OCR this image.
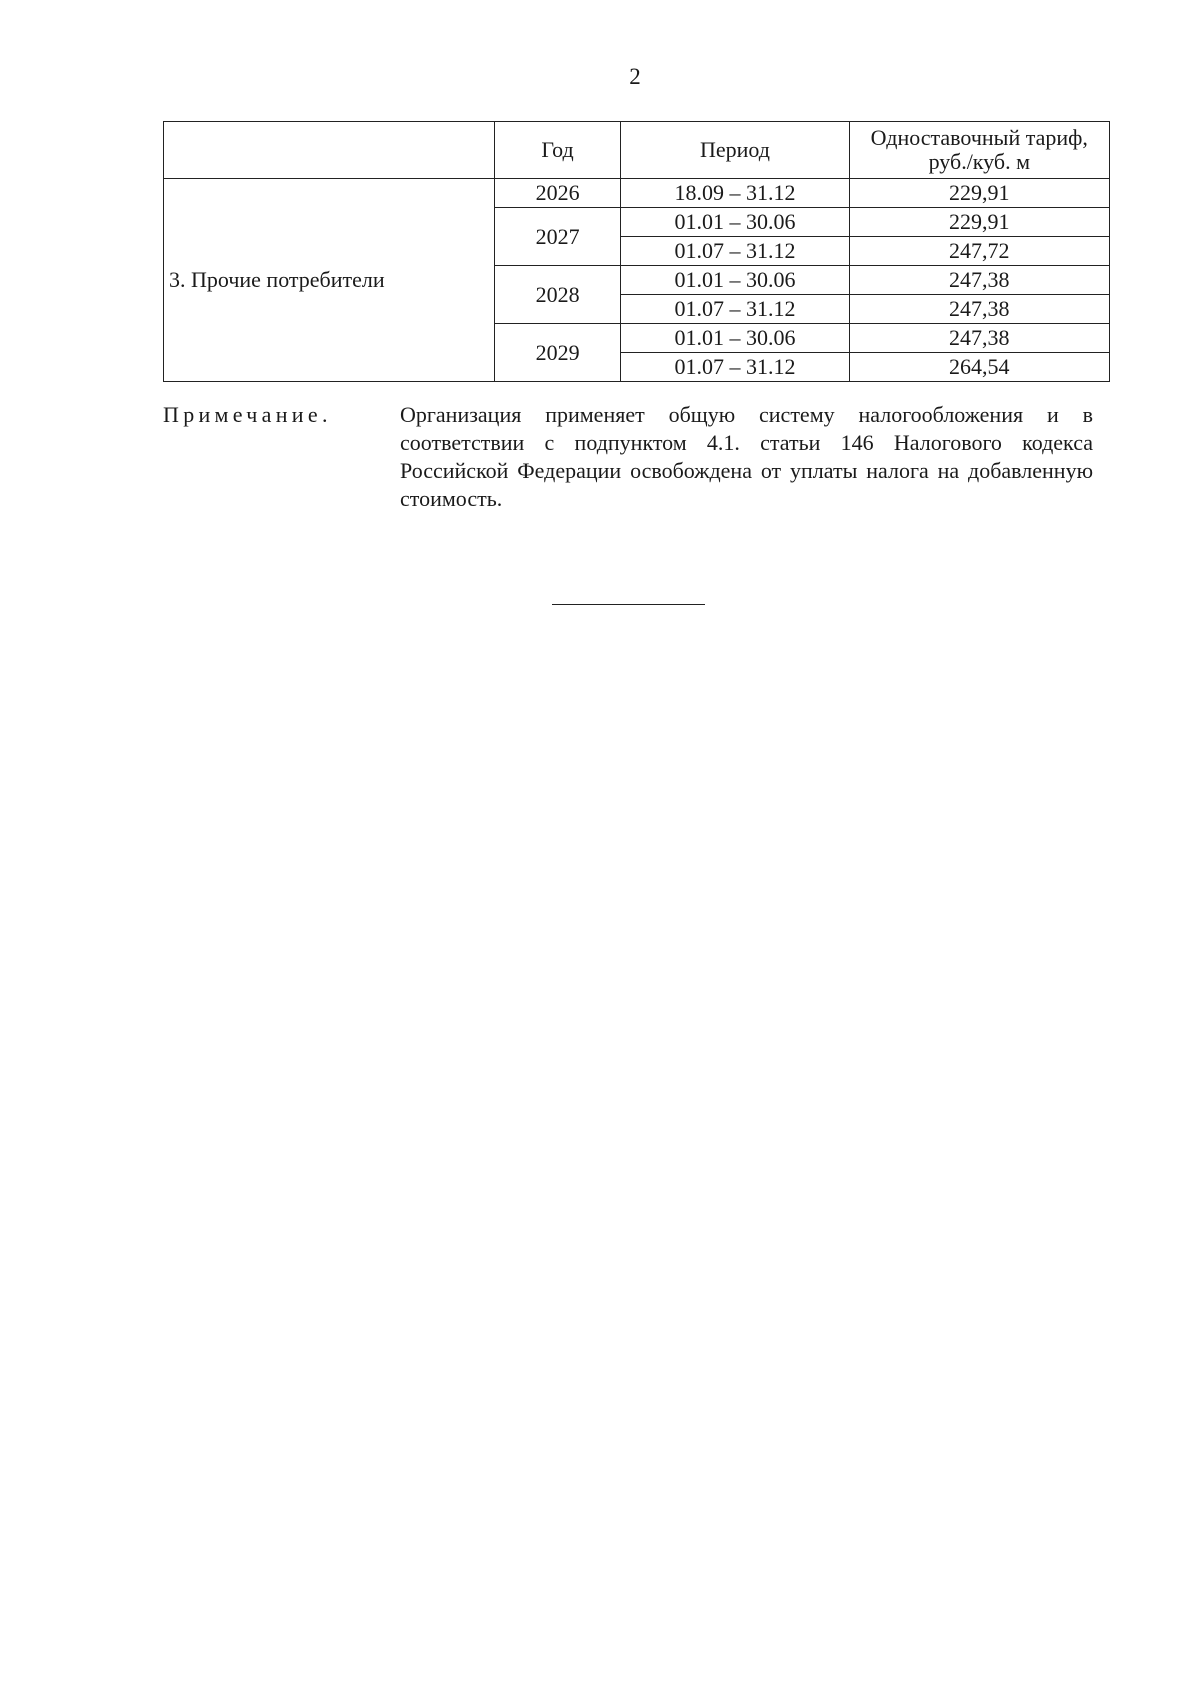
2
	Год	Период	Одноставочный тариф, руб./куб. м
3. Прочие потребители	2026	18.09 – 31.12	229,91
	2027	01.01 – 30.06	229,91
		01.07 – 31.12	247,72
	2028	01.01 – 30.06	247,38
		01.07 – 31.12	247,38
	2029	01.01 – 30.06	247,38
		01.07 – 31.12	264,54
Примечание.	Организация применяет общую систему налогообложения и в соответствии с подпунктом 4.1. статьи 146 Налогового кодекса Российской Федерации освобождена от уплаты налога на добавленную стоимость.
